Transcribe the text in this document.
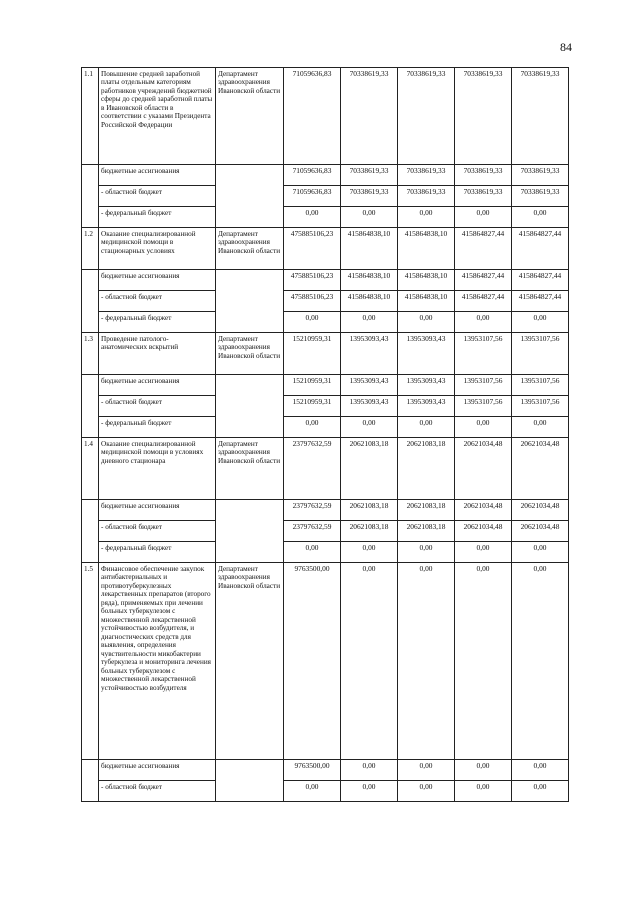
84
1.1	Повышение средней заработной платы отдельным категориям работников учреждений бюджетной сферы до средней заработной платы в Ивановской области в соответствии с указами Президента Российской Федерации	Департамент здравоохранения Ивановской области	71059636,83	70338619,33	70338619,33	70338619,33	70338619,33
	бюджетные ассигнования		71059636,83	70338619,33	70338619,33	70338619,33	70338619,33
	- областной бюджет		71059636,83	70338619,33	70338619,33	70338619,33	70338619,33
	- федеральный бюджет		0,00	0,00	0,00	0,00	0,00
1.2	Оказание специализированной медицинской помощи в стационарных условиях	Департамент здравоохранения Ивановской области	475885106,23	415864838,10	415864838,10	415864827,44	415864827,44
	бюджетные ассигнования		475885106,23	415864838,10	415864838,10	415864827,44	415864827,44
	- областной бюджет		475885106,23	415864838,10	415864838,10	415864827,44	415864827,44
	- федеральный бюджет		0,00	0,00	0,00	0,00	0,00
1.3	Проведение патолого-анатомических вскрытий	Департамент здравоохранения Ивановской области	15210959,31	13953093,43	13953093,43	13953107,56	13953107,56
	бюджетные ассигнования		15210959,31	13953093,43	13953093,43	13953107,56	13953107,56
	- областной бюджет		15210959,31	13953093,43	13953093,43	13953107,56	13953107,56
	- федеральный бюджет		0,00	0,00	0,00	0,00	0,00
1.4	Оказание специализированной медицинской помощи в условиях дневного стационара	Департамент здравоохранения Ивановской области	23797632,59	20621083,18	20621083,18	20621034,48	20621034,48
	бюджетные ассигнования		23797632,59	20621083,18	20621083,18	20621034,48	20621034,48
	- областной бюджет		23797632,59	20621083,18	20621083,18	20621034,48	20621034,48
	- федеральный бюджет		0,00	0,00	0,00	0,00	0,00
1.5	Финансовое обеспечение закупок антибактериальных и противотуберкулезных лекарственных препаратов (второго ряда), применяемых при лечении больных туберкулезом с множественной лекарственной устойчивостью возбудителя, и диагностических средств для выявления, определения чувствительности микобактерии туберкулеза и мониторинга лечения больных туберкулезом с множественной лекарственной устойчивостью возбудителя	Департамент здравоохранения Ивановской области	9763500,00	0,00	0,00	0,00	0,00
	бюджетные ассигнования		9763500,00	0,00	0,00	0,00	0,00
	- областной бюджет		0,00	0,00	0,00	0,00	0,00
